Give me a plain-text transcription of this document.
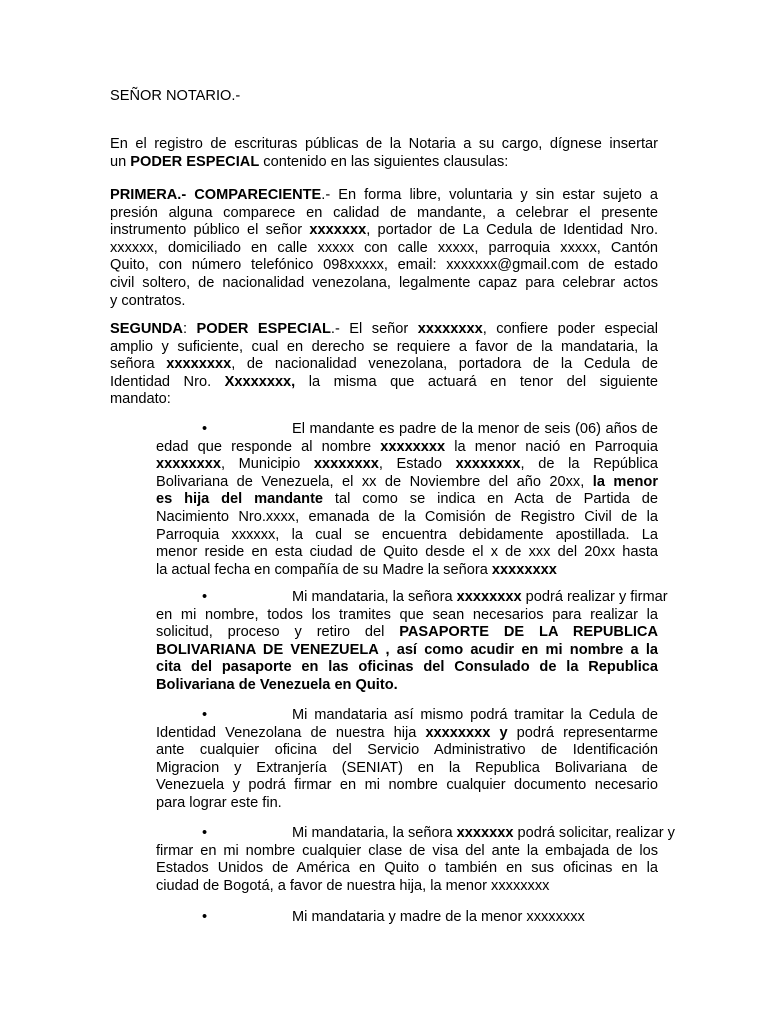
SEÑOR NOTARIO.-

En el registro de escrituras públicas de la Notaria a su cargo, dígnese insertar
un PODER ESPECIAL contenido en las siguientes clausulas:
PRIMERA.- COMPARECIENTE.- En forma libre, voluntaria y sin estar sujeto a
presión alguna comparece en calidad de mandante, a celebrar el presente
instrumento público el señor xxxxxxx, portador de La Cedula de Identidad Nro.
xxxxxx, domiciliado en calle xxxxx con calle xxxxx, parroquia xxxxx, Cantón
Quito, con número telefónico 098xxxxx, email: xxxxxxx@gmail.com de estado
civil soltero, de nacionalidad venezolana, legalmente capaz para celebrar actos
y contratos.
SEGUNDA: PODER ESPECIAL.- El señor xxxxxxxx, confiere poder especial
amplio y suficiente, cual en derecho se requiere a favor de la mandataria, la
señora xxxxxxxx, de nacionalidad venezolana, portadora de la Cedula de
Identidad Nro. Xxxxxxxx, la misma que actuará en tenor del siguiente
mandato:
•	El mandante es padre de la menor de seis (06) años de
edad que responde al nombre xxxxxxxx la menor nació en Parroquia
xxxxxxxx, Municipio xxxxxxxx, Estado xxxxxxxx, de la República
Bolivariana de Venezuela, el xx de Noviembre del año 20xx, la menor
es hija del mandante tal como se indica en Acta de Partida de
Nacimiento Nro.xxxx, emanada de la Comisión de Registro Civil de la
Parroquia xxxxxx, la cual se encuentra debidamente apostillada. La
menor reside en esta ciudad de Quito desde el x de xxx del 20xx hasta
la actual fecha en compañía de su Madre la señora xxxxxxxx
•	Mi mandataria, la señora xxxxxxxx podrá realizar y firmar
en mi nombre, todos los tramites que sean necesarios para realizar la
solicitud, proceso y retiro del PASAPORTE DE LA REPUBLICA
BOLIVARIANA DE VENEZUELA , así como acudir en mi nombre a la
cita del pasaporte en las oficinas del Consulado de la Republica
Bolivariana de Venezuela en Quito.
•	Mi mandataria así mismo podrá tramitar la Cedula de
Identidad Venezolana de nuestra hija xxxxxxxx y podrá representarme
ante cualquier oficina del Servicio Administrativo de Identificación
Migracion y Extranjería (SENIAT) en la Republica Bolivariana de
Venezuela y podrá firmar en mi nombre cualquier documento necesario
para lograr este fin.
•	Mi mandataria, la señora xxxxxxx podrá solicitar, realizar y
firmar en mi nombre cualquier clase de visa del ante la embajada de los
Estados Unidos de América en Quito o también en sus oficinas en la
ciudad de Bogotá, a favor de nuestra hija, la menor xxxxxxxx
•	Mi mandataria y madre de la menor xxxxxxxx
